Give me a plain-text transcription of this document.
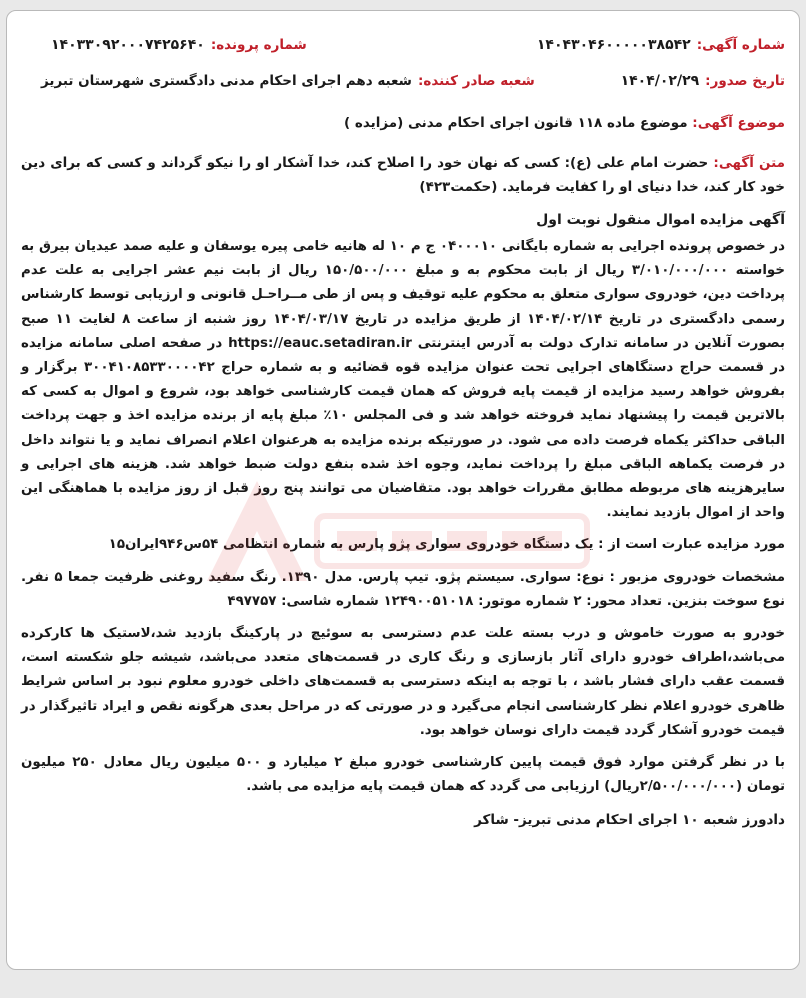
شماره آگهی:
۱۴۰۴۳۰۴۶۰۰۰۰۰۳۸۵۴۲
شماره پرونده:
۱۴۰۳۳۰۹۲۰۰۰۷۴۲۵۶۴۰
تاریخ صدور:
۱۴۰۴/۰۲/۲۹
شعبه صادر کننده:
شعبه دهم اجرای احکام مدنی دادگستری شهرستان تبریز
موضوع آگهی: موضوع ماده ۱۱۸ قانون اجرای احکام مدنی (مزایده )
متن آگهی: حضرت امام علی (ع): کسی که نهان خود را اصلاح کند، خدا آشکار او را نیکو گرداند و کسی که برای دین خود کار کند، خدا دنیای او را کفایت فرماید. (حکمت۴۲۳)
آگهی مزایده اموال منقول نوبت اول

در خصوص پرونده اجرایی به شماره بایگانی ۰۴۰۰۰۱۰ ج م ۱۰ له هانیه خامی پیره یوسفان و علیه صمد عیدیان بیرق به خواسته ۳/۰۱۰/۰۰۰/۰۰۰ ریال از بابت محکوم به و مبلغ ۱۵۰/۵۰۰/۰۰۰ ریال از بابت نیم عشر اجرایی به علت عدم پرداخت دین، خودروی سواری متعلق به محکوم علیه توقیف و پس از طی مــراحـل قانونی و ارزیابی توسط کارشناس رسمی دادگستری در تاریخ ۱۴۰۴/۰۲/۱۴ از طریق مزایده در تاریخ ۱۴۰۴/۰۳/۱۷ روز شنبه از ساعت ۸ لغایت ۱۱ صبح بصورت آنلاین در سامانه تدارک دولت به آدرس اینترنتی https://eauc.setadiran.ir در صفحه اصلی سامانه مزایده در قسمت حراج دستگاهای اجرایی تحت عنوان مزایده قوه قضائیه و به شماره حراج ۳۰۰۴۱۰۸۵۳۳۰۰۰۰۴۲ برگزار و بفروش خواهد رسید مزایده از قیمت پایه فروش که همان قیمت کارشناسی خواهد بود، شروع و اموال به کسی که بالاترین قیمت را پیشنهاد نماید فروخته خواهد شد و فی المجلس ۱۰٪ مبلغ پایه از برنده مزایده اخذ و جهت پرداخت الباقی حداکثر یکماه فرصت داده می شود. در صورتیکه برنده مزایده به هرعنوان اعلام انصراف نماید و یا نتواند داخل در فرصت یکماهه الباقی مبلغ را پرداخت نماید، وجوه اخذ شده بنفع دولت ضبط خواهد شد. هزینه های اجرایی و سایرهزینه های مربوطه مطابق مقررات خواهد بود. متقاضیان می توانند پنج روز قبل از روز مزایده با هماهنگی این واحد از اموال بازدید نمایند.

مورد مزایده عبارت است از : یک دستگاه خودروی سواری پژو پارس به شماره انتظامی ۵۴س۹۴۶ایران۱۵

مشخصات خودروی مزبور : نوع: سواری. سیستم پژو. تیپ پارس. مدل ۱۳۹۰. رنگ سفید روغنی ظرفیت جمعا ۵ نفر. نوع سوخت بنزین. تعداد محور: ۲ شماره موتور: ۱۲۴۹۰۰۵۱۰۱۸ شماره شاسی: ۴۹۷۷۵۷

خودرو به صورت خاموش و درب بسته علت عدم دسترسی به سوئیچ در پارکینگ بازدید شد،لاستیک ها کارکرده می‌باشد،اطراف خودرو دارای آثار بازسازی و رنگ کاری در قسمت‌های متعدد می‌باشد، شیشه جلو شکسته است، قسمت عقب دارای فشار باشد ، با توجه به اینکه دسترسی به قسمت‌های داخلی خودرو معلوم نبود بر اساس شرایط ظاهری خودرو اعلام نظر کارشناسی انجام می‌گیرد و در صورتی که در مراحل بعدی هرگونه نقص و ایراد تاثیرگذار در قیمت خودرو آشکار گردد قیمت دارای نوسان خواهد بود.

با در نظر گرفتن موارد فوق قیمت پایین کارشناسی خودرو مبلغ ۲ میلیارد و ۵۰۰ میلیون ریال معادل ۲۵۰ میلیون تومان (۲/۵۰۰/۰۰۰/۰۰۰ریال) ارزیابی می گردد که همان قیمت پایه مزایده می باشد.

دادورز شعبه ۱۰ اجرای احکام مدنی تبریز- شاکر
